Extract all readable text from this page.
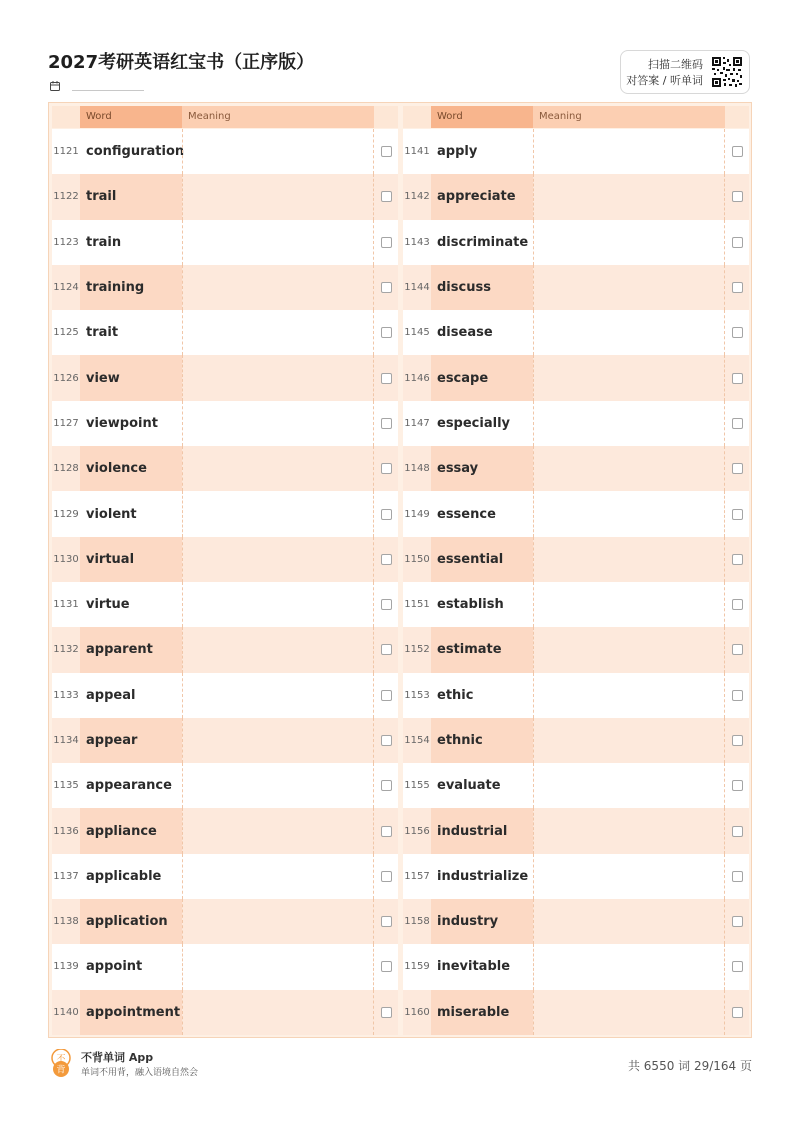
2027考研英语红宝书（正序版）	扫描二维码
对答案 / 听单词
Word	Meaning
1121 configuration
1122 trail
1123 train
1124 training
1125 trait
1126 view
1127 viewpoint
1128 violence
1129 violent
1130 virtual
1131 virtue
1132 apparent
1133 appeal
1134 appear
1135 appearance
1136 appliance
1137 applicable
1138 application
1139 appoint
1140 appointment
Word	Meaning
1141 apply
1142 appreciate
1143 discriminate
1144 discuss
1145 disease
1146 escape
1147 especially
1148 essay
1149 essence
1150 essential
1151 establish
1152 estimate
1153 ethic
1154 ethnic
1155 evaluate
1156 industrial
1157 industrialize
1158 industry
1159 inevitable
1160 miserable
不
背
不背单词 App
单词不用背，融入语境自然会	共 6550 词 29/164 页
